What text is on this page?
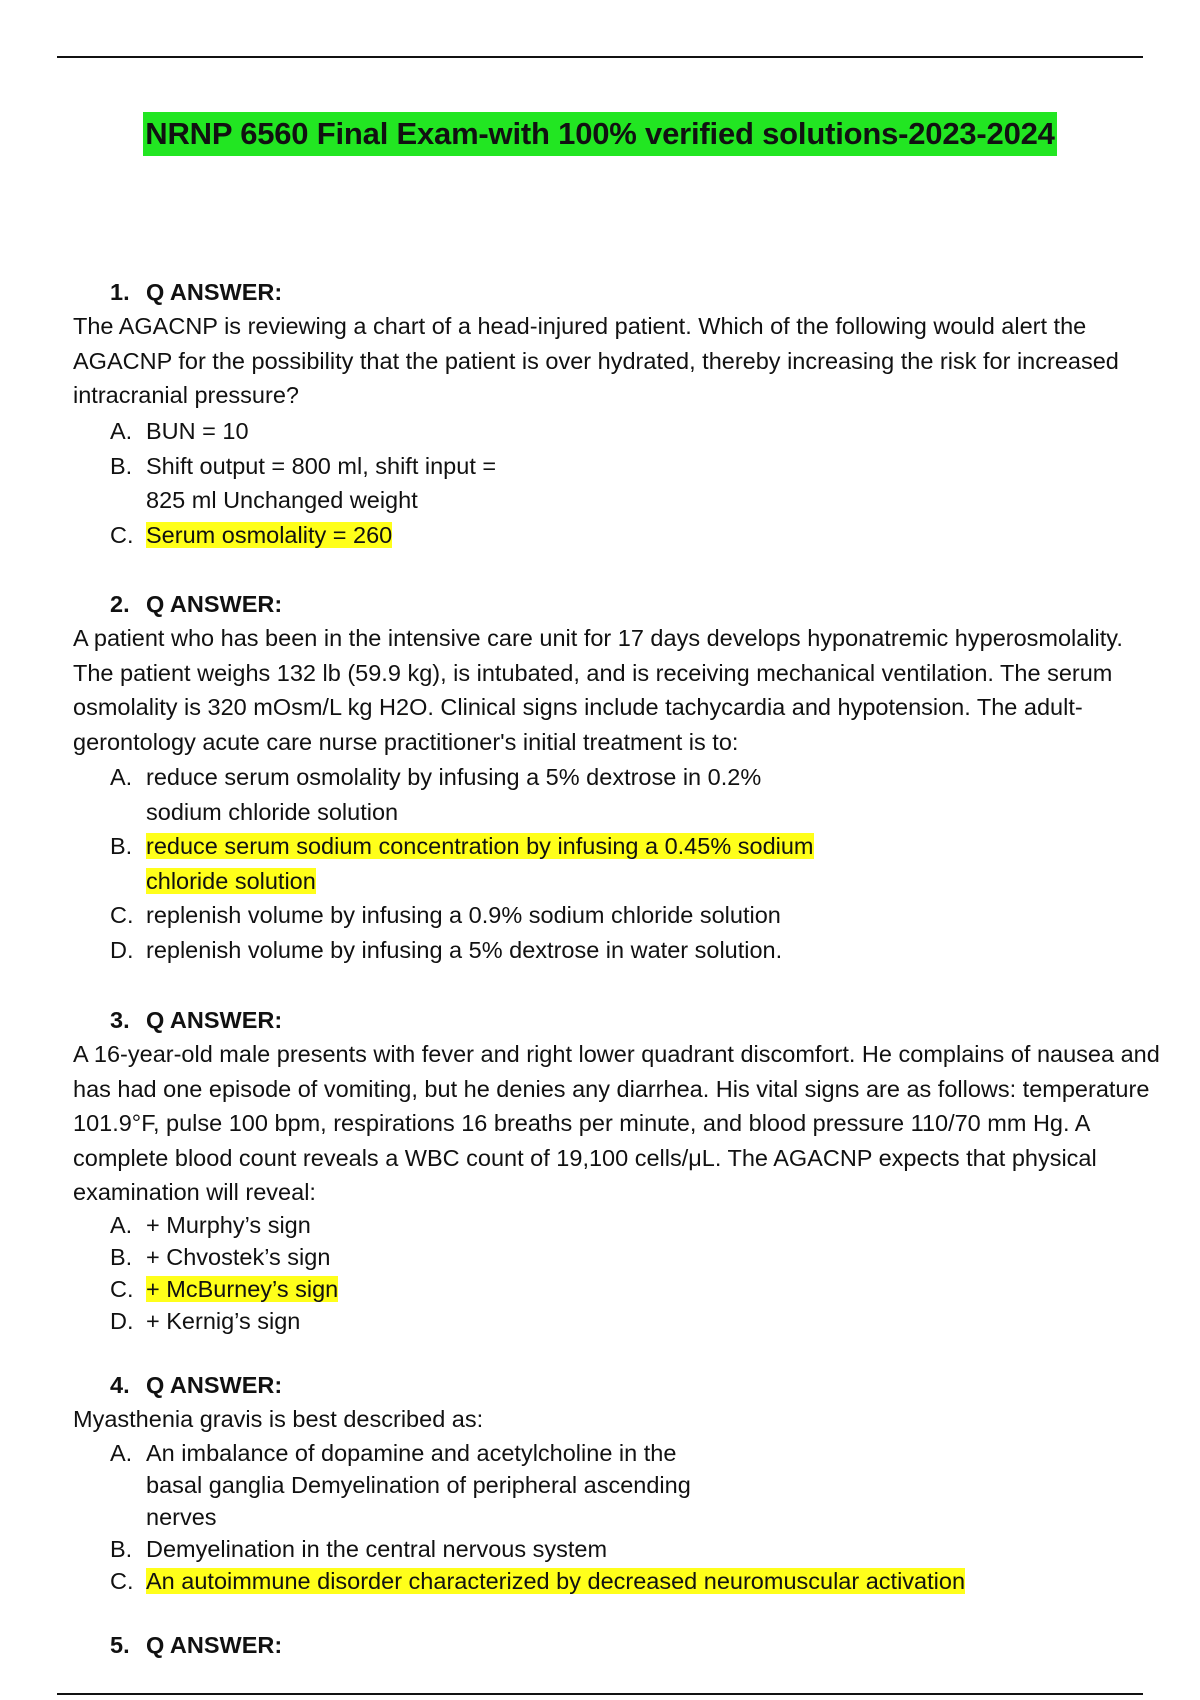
NRNP 6560 Final Exam-with 100% verified solutions-2023-2024
1. Q ANSWER:
The AGACNP is reviewing a chart of a head-injured patient. Which of the following would alert the AGACNP for the possibility that the patient is over hydrated, thereby increasing the risk for increased intracranial pressure?
A. BUN = 10
B. Shift output = 800 ml, shift input =
825 ml Unchanged weight
C. Serum osmolality = 260
2. Q ANSWER:
A patient who has been in the intensive care unit for 17 days develops hyponatremic hyperosmolality. The patient weighs 132 lb (59.9 kg), is intubated, and is receiving mechanical ventilation. The serum osmolality is 320 mOsm/L kg H2O. Clinical signs include tachycardia and hypotension. The adult-gerontology acute care nurse practitioner's initial treatment is to:
A. reduce serum osmolality by infusing a 5% dextrose in 0.2%
sodium chloride solution
B. reduce serum sodium concentration by infusing a 0.45% sodium
chloride solution
C. replenish volume by infusing a 0.9% sodium chloride solution
D. replenish volume by infusing a 5% dextrose in water solution.
3. Q ANSWER:
A 16-year-old male presents with fever and right lower quadrant discomfort. He complains of nausea and has had one episode of vomiting, but he denies any diarrhea. His vital signs are as follows: temperature 101.9°F, pulse 100 bpm, respirations 16 breaths per minute, and blood pressure 110/70 mm Hg. A complete blood count reveals a WBC count of 19,100 cells/μL. The AGACNP expects that physical examination will reveal:
A. + Murphy’s sign
B. + Chvostek’s sign
C. + McBurney’s sign
D. + Kernig’s sign
4. Q ANSWER:
Myasthenia gravis is best described as:
A. An imbalance of dopamine and acetylcholine in the
basal ganglia Demyelination of peripheral ascending
nerves
B. Demyelination in the central nervous system
C. An autoimmune disorder characterized by decreased neuromuscular activation
5. Q ANSWER:
